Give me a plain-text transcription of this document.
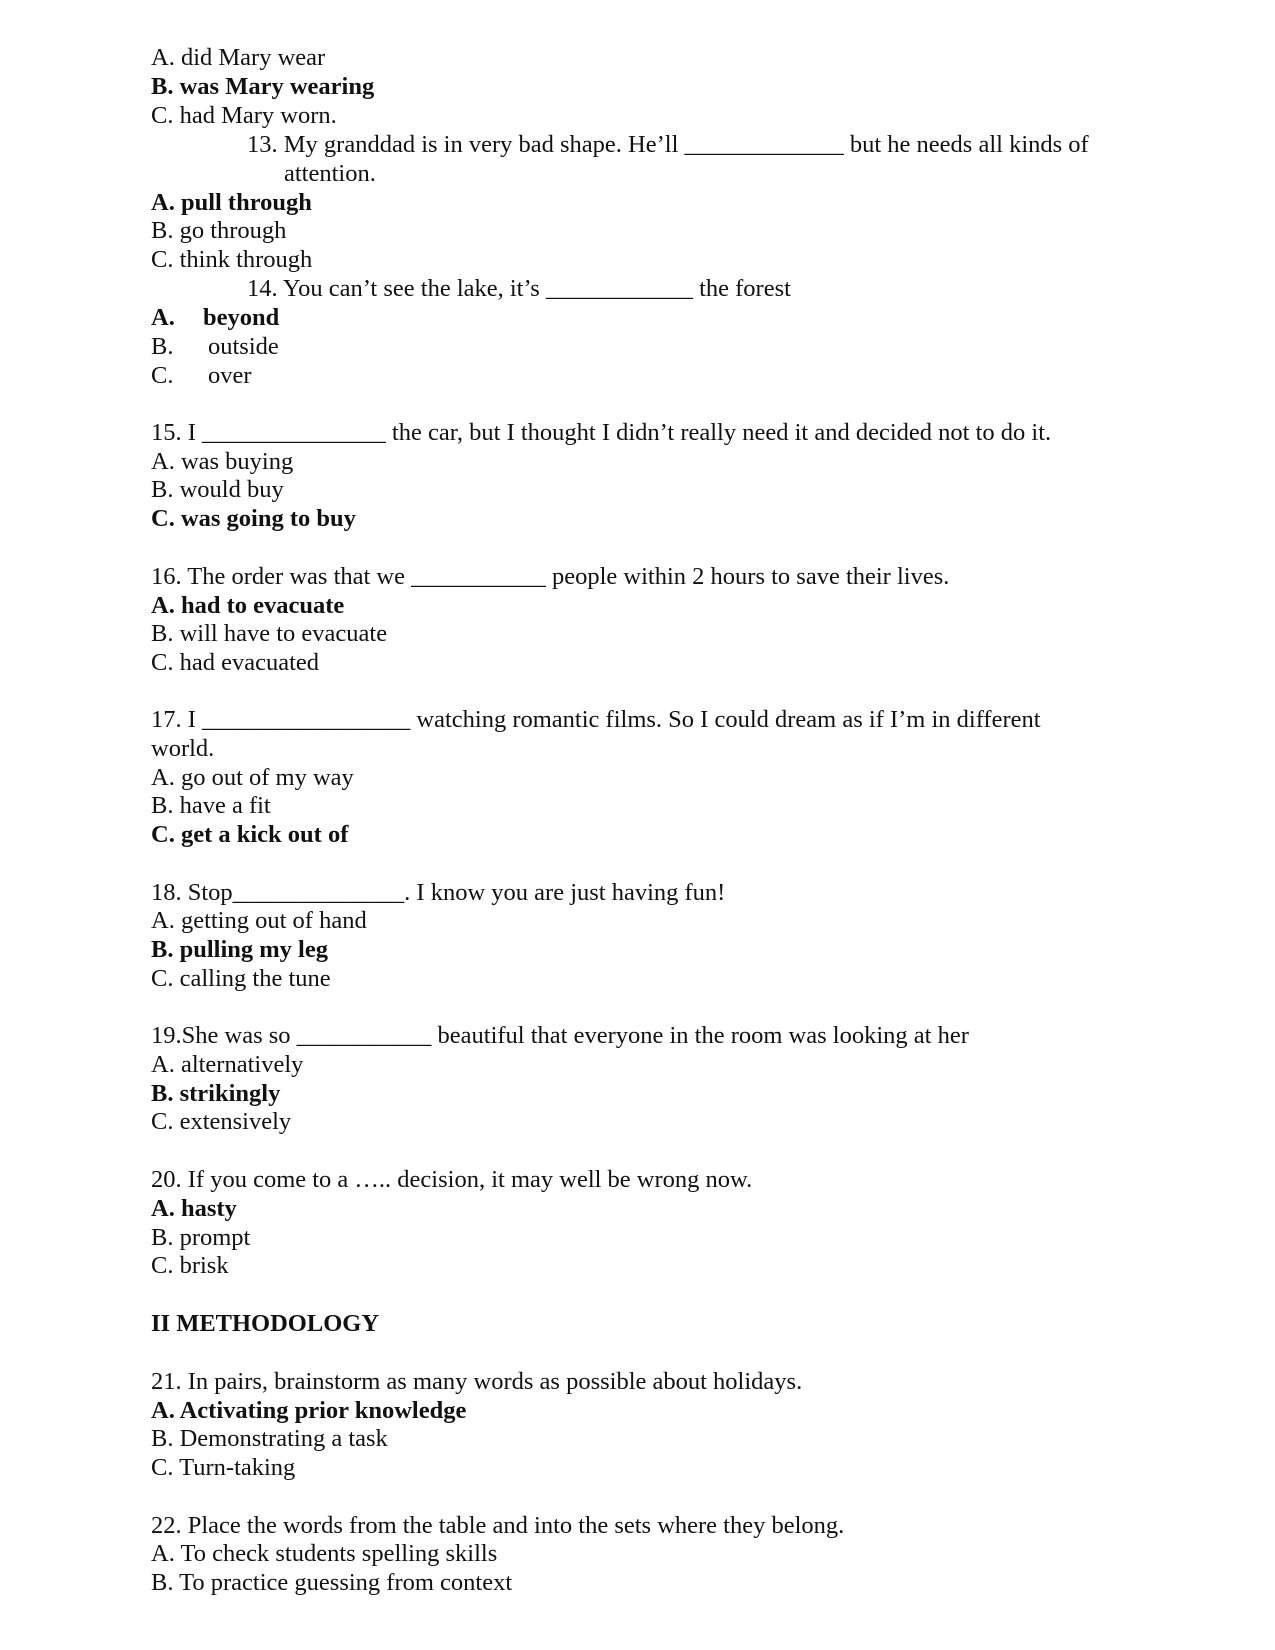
A. did Mary wear

B. was Mary wearing

C. had Mary worn.

13. My granddad is in very bad shape. He’ll _____________ but he needs all kinds of

attention.

A. pull through

B. go through

C. think through

14. You can’t see the lake, it’s ____________ the forest

A. beyond

B. outside

C. over

15. I _______________ the car, but I thought I didn’t really need it and decided not to do it.

A. was buying

B. would buy

C. was going to buy

16. The order was that we ___________ people within 2 hours to save their lives.

A. had to evacuate

B. will have to evacuate

C. had evacuated

17. I _________________ watching romantic films. So I could dream as if I’m in different

world.

A. go out of my way

B. have a fit

C. get a kick out of

18. Stop______________. I know you are just having fun!

A. getting out of hand

B. pulling my leg

C. calling the tune

19.She was so ___________ beautiful that everyone in the room was looking at her

A. alternatively

B. strikingly

C. extensively

20. If you come to a ….. decision, it may well be wrong now.

A. hasty

B. prompt

C. brisk

II METHODOLOGY

21. In pairs, brainstorm as many words as possible about holidays.

A. Activating prior knowledge

B. Demonstrating a task

C. Turn-taking

22. Place the words from the table and into the sets where they belong.

A. To check students spelling skills

B. To practice guessing from context
